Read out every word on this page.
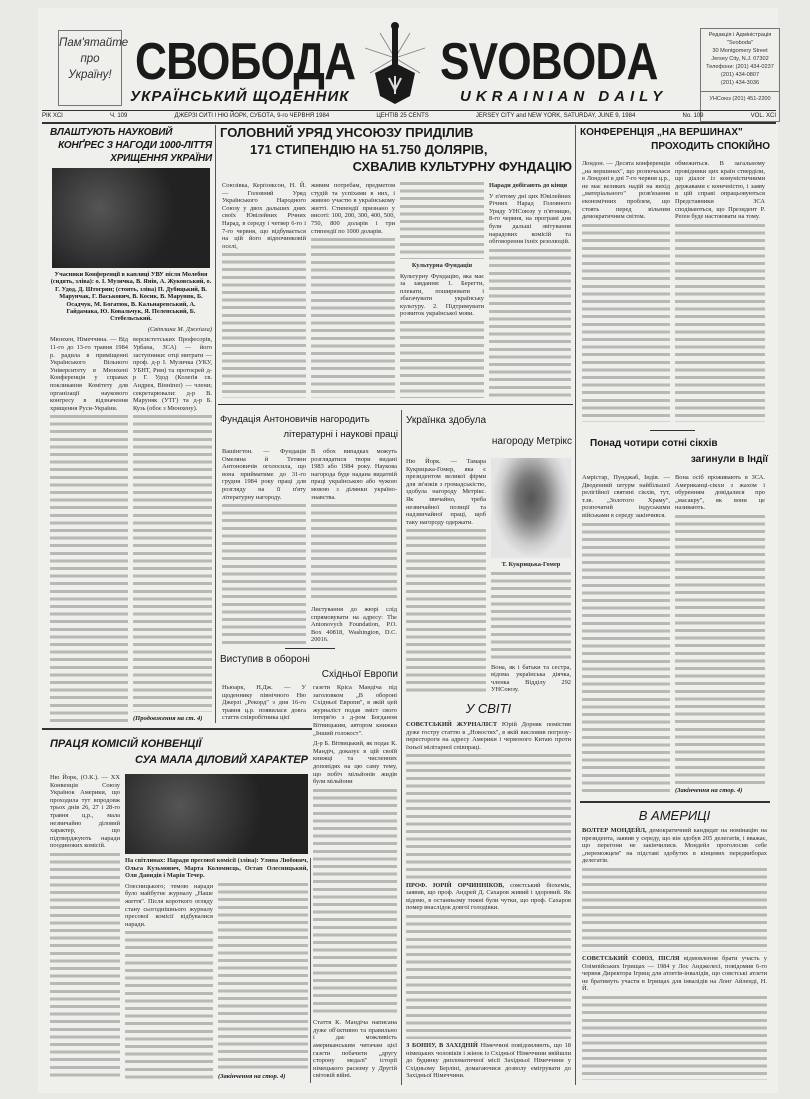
Пам'ятайте про Україну! СВОБОДА SVOBODA
УКРАЇНСЬКИЙ ЩОДЕННИК	UKRAINIAN DAILY
Редакція і Адміністрація
"Svoboda"
30 Montgomery Street
Jersey City, N.J. 07302
Телефони: (201) 434-0237
(201) 434-0807
(201) 434-3036
УНСоюз (201) 451-2200
РІК XCI	Ч. 109	ДЖЕРЗІ СИТІ І НЮ ЙОРК, СУБОТА, 9-го ЧЕРВНЯ 1984	ЦЕНТІВ 25 CENTS	JERSEY CITY and NEW YORK, SATURDAY, JUNE 9, 1984	No. 109	VOL. XCI
ВЛАШТУЮТЬ НАУКОВИЙ
КОНҐРЕС З НАГОДИ 1000-ЛІТТЯ
ХРИЩЕННЯ УКРАЇНИ
Учасники Конференції в каплиці УВУ після Молебня (сидять, зліва): о. І. Музичка, В. Янів, А. Жуковський, о. Г. Удод, Д. Штогрин; (стоять, зліва) П. Дубицький, В. Марунчак, Г. Васькович, В. Косик, В. Маруняк, Б. Осадчук, М. Богатюк, В. Кальнаревський, А. Гайдамака, Ю. Ковальчук, Я. Пеленський, Б. Стебельський.
(Світлина М. Джеґала)
Мюнхен, Німеччина. — Від 11-го до 13-го травня 1984 р. радила в приміщенні Українського Вільного Університету в Мюнхені Конференція у справах покликання Комітету для організації наукового конгресу в відзначення хрищення Руси-України.
версистетських Професорів, Урбана, ЗСА) — його заступники: отці митрати — проф. д-р І. Музичка (УКУ, УБНТ, Рим) та протоєрей д-р Г. Удод (Колеґія св. Андрея, Вінніпеґ) — члени; секретарювали: д-р В. Маруняк (УТГ) та д-р Б. Кузь (обоє з Мюнхену).
(Продовження на ст. 4)
ГОЛОВНИЙ УРЯД УНСОЮЗУ ПРИДІЛИВ
171 СТИПЕНДІЮ НА 51.750 ДОЛЯРІВ,
СХВАЛИВ КУЛЬТУРНУ ФУНДАЦІЮ
Союзівка, Керґонксон, Н. Й. — Головний Уряд Українського Народного Союзу у двох дальших днях своїх Ювілейних Річних Нарад, в середу і четвер 6-го і 7-го червня, що відбувається на цій його відпочинковій оселі,
живим потребам, предметом студій та успіхами в них, і живою участю в українському житті. Стипендії признано у висоті: 100, 200, 300, 400, 500, 750, 800 доларів і три стипендії по 1000 доларів.
Культурна Фундація
Культурну Фундацію, яка має за завдання: 1. Берегти, плекати, поширювати і збагачувати українську культуру. 2. Підтримувати розвиток української мови.
Наради добігають до кінця
У п'ятому дні цих Ювілейних Річних Нарад Головного Уряду УНСоюзу у п'ятницю, 8-го червня, на програмі дня були дальші звітування нарадових комісій та обговорення їхніх резолюцій.
КОНФЕРЕНЦІЯ „НА ВЕРШИНАХ"
ПРОХОДИТЬ СПОКІЙНО
Лондон. — Десята конференція „на вершинах", що розпочалася в Лондоні в дні 7-го червня ц.р., не має великих надій на вихід „матеріального" розв'язання економічних проблем, що стоять перед вільним демократичним світом.
обмежиться. В загальному провідники цих країн стверділи, що діалог із комуністичними державами є конечністю, і заяву в цій справі опрацьовуються Представники ЗСА сподіваються, що Президент Р. Реґен буде настоювати на тому.
Понад чотири сотні сікхів
загинули в Індії
Амрістар, Пунджаб, Індія. — Дводенний штурм найбільшої релігійної святині сікхів, тут, т.зв. „Золотого Храму", розпочатий індуськими військами в середу закінчився.
Вона осіб проживають в ЗСА. Американці-сікхи з жахом і обуренням довідалися про „масакру", як вони це називають.
(Закінчення на стор. 4)
В АМЕРИЦІ
ВОЛТЕР МОНДЕЙЛ, демократичний кандидат на номінацію на президента, заявив у середу, що він здобув 205 делегатів, і вважає, що перегони не закінчилися. Мондейл проголосив себе „переможцем" на підставі здобутих в кінцевих передвиборах делегатів.
СОВЄТСЬКИЙ СОЮЗ, ПІСЛЯ відмовлення брати участь у Олімпійських Ігрищах — 1984 у Лос Анджелесі, повідомив 6-го червня Директора Ігрищ для атлетів-інвалідів, що совєтські атлети не братимуть участи в Ігрищах для інвалідів на Лонг Айленді, Н. Й.
Фундація Антоновичів нагородить
літературні і наукові праці
Вашінгтон. — Фундація Омеляна й Тетяни Антоновичів оголосила, що вона прийматиме до 31-го грудня 1984 року праці для розгляду на її п'яту літературну нагороду.
В обох випадках можуть розглядатися твори видані 1983 або 1984 року. Наукова нагорода буде надана видатній праці українською або чужою мовою з ділянки україно-знавства.
Листування до жюрі слід спрямовувати на адресу: The Antonovych Foundation, P.O. Box 40818, Washington, D.C. 20016.
Виступив в обороні
Східньої Европи
Ньюарк, Н.Дж. — У щоденнику північного Ню Джерзі „Рекорд" з дня 16-го травня ц.р. появилася довга стаття співробітника цієї
газети Кріса Мандіча під заголовком „В обороні Східньої Европи", в якій цей журналіст подав зміст свого інтерв'ю з д-ром Богданом Вітвицьким, автором книжки „Інший голокост".
Д-р Б. Вітвицький, як подає К. Мандіч, доказує в цій своїй книжці та численних доповідях на цю саму тему, що побіч мільйонів жидів були мільйони
Стаття К. Мандіча написана дуже об'єктивно та правильно і дає можливість американським читачам цієї газети побачити „другу сторону медалі" історії німецького расизму у Другій світовій війні.
Українка здобула
нагороду Метрікс
Ню Йорк. — Тамара Кукрицька-Гомер, яка є президентом великої фірми для зв'язків з громадськістю, здобула нагороду Метрікс. Як звичайно, треба незвичайної позиції та надзвичайної праці, щоб таку нагороду одержати.
Т. Кукрицька-Гомер
Вона, як і батьки та сестра, відома українська діячка, членка Відділу 292 УНСоюзу.
У СВІТІ
СОВЄТСЬКИЙ ЖУРНАЛІСТ Юрій Дорняк помістив дуже гостру статтю в „Новостях", в якій висловив погрозу-перестороги на адресу Америки і червоного Китаю проти їхньої мілітарної співпраці.
ПРОФ. ЮРІЙ ОРЧИННІКОВ, совєтський біохемік, заявив, що проф. Андрей Д. Сахаров живий і здоровий. Як відомо, в останньому тижні були чутки, що проф. Сахаров помер внаслідок довгої голодівки.
З БОННУ, В ЗАХІДНІЙ Німеччині повідомляють, що 18 німецьких чоловіків і жінок із Східньої Німеччини ввійшли до будинку дипломатичної місії Західньої Німеччини у Східньому Берліні, домагаючися дозволу емігрувати до Західньої Німеччини.
ПРАЦЯ КОМІСІЙ КОНВЕНЦІЇ
СУА МАЛА ДІЛОВИЙ ХАРАКТЕР
Ню Йорк, (О.К.). — XX Конвенція Союзу Українок Америки, що проходила тут впродовж трьох днів 26, 27 і 28-го травня ц.р., мала незвичайно діловий характер, що підтверджують наради поодиноких комісій.
На світлинах: Наради пресової комісії (зліва): Уляна Любович, Ольга Кузьмович, Марта Коломиєць, Остап Олесницький, Оля Давидів і Марія Течер.
Олесницького; темою наради було майбутнє журналу „Наше життя". Після короткого огляду стану сьогоднішнього журналу пресової комісії відбувалися наради.
(Закінчення на стор. 4)
